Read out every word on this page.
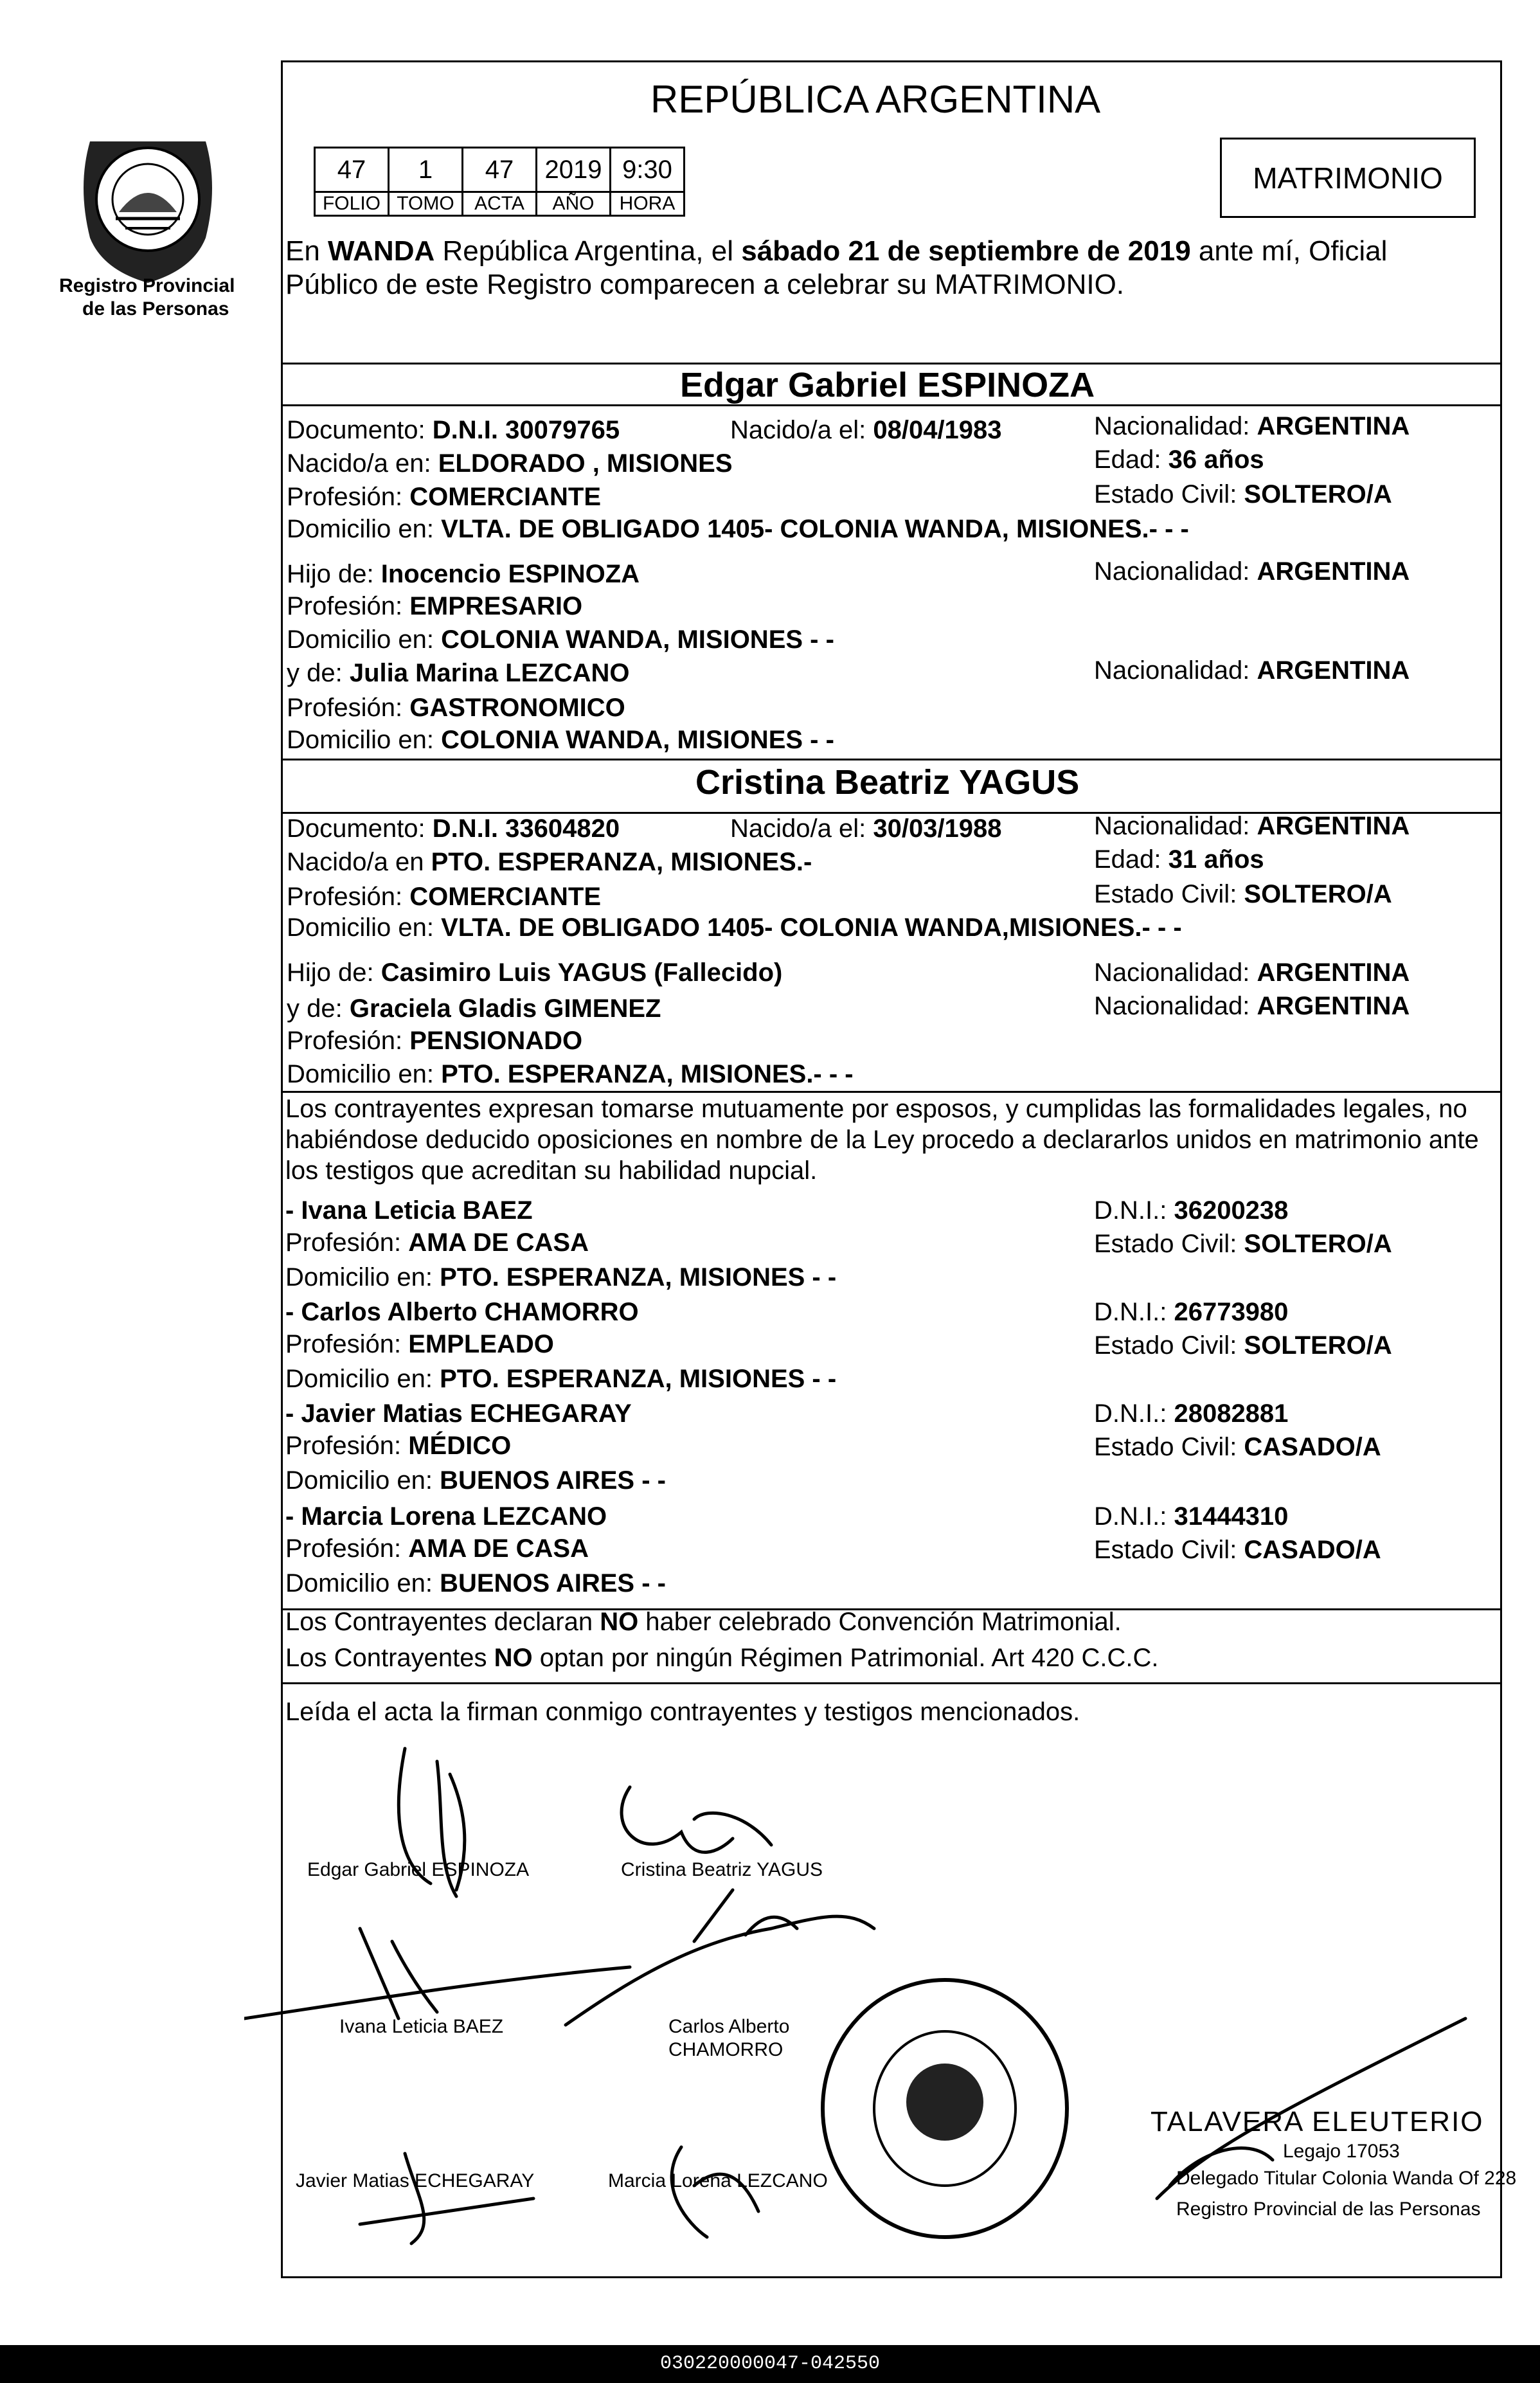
Registro Provincial
de las Personas
REPÚBLICA ARGENTINA
47	1	47	2019	9:30
FOLIO	TOMO	ACTA	AÑO	HORA
MATRIMONIO
En WANDA República Argentina, el sábado 21 de septiembre de 2019 ante mí, Oficial
Público de este Registro comparecen a celebrar su MATRIMONIO.
Edgar Gabriel ESPINOZA
Documento: D.N.I. 30079765	Nacido/a el: 08/04/1983	Nacionalidad: ARGENTINA
Nacido/a en: ELDORADO , MISIONES	Edad: 36 años
Profesión: COMERCIANTE	Estado Civil: SOLTERO/A
Domicilio en: VLTA. DE OBLIGADO 1405- COLONIA WANDA, MISIONES.- - -
Hijo de: Inocencio ESPINOZA	Nacionalidad: ARGENTINA
Profesión: EMPRESARIO
Domicilio en: COLONIA WANDA, MISIONES - -
y de: Julia Marina LEZCANO	Nacionalidad: ARGENTINA
Profesión: GASTRONOMICO
Domicilio en: COLONIA WANDA, MISIONES - -
Cristina Beatriz YAGUS
Documento: D.N.I. 33604820	Nacido/a el: 30/03/1988	Nacionalidad: ARGENTINA
Nacido/a en PTO. ESPERANZA, MISIONES.-	Edad: 31 años
Profesión: COMERCIANTE	Estado Civil: SOLTERO/A
Domicilio en: VLTA. DE OBLIGADO 1405- COLONIA WANDA,MISIONES.- - -
Hijo de: Casimiro Luis YAGUS (Fallecido)	Nacionalidad: ARGENTINA
y de: Graciela Gladis GIMENEZ	Nacionalidad: ARGENTINA
Profesión: PENSIONADO
Domicilio en: PTO. ESPERANZA, MISIONES.- - -
Los contrayentes expresan tomarse mutuamente por esposos, y cumplidas las formalidades legales, no
habiéndose deducido oposiciones en nombre de la Ley procedo a declararlos unidos en matrimonio ante
los testigos que acreditan su habilidad nupcial.
- Ivana Leticia BAEZ	D.N.I.: 36200238
Profesión: AMA DE CASA	Estado Civil: SOLTERO/A
Domicilio en: PTO. ESPERANZA, MISIONES - -
- Carlos Alberto CHAMORRO	D.N.I.: 26773980
Profesión: EMPLEADO	Estado Civil: SOLTERO/A
Domicilio en: PTO. ESPERANZA, MISIONES - -
- Javier Matias ECHEGARAY	D.N.I.: 28082881
Profesión: MÉDICO	Estado Civil: CASADO/A
Domicilio en: BUENOS AIRES - -
- Marcia Lorena LEZCANO	D.N.I.: 31444310
Profesión: AMA DE CASA	Estado Civil: CASADO/A
Domicilio en: BUENOS AIRES - -
Los Contrayentes declaran NO haber celebrado Convención Matrimonial.
Los Contrayentes NO optan por ningún Régimen Patrimonial. Art 420 C.C.C.
Leída el acta la firman conmigo contrayentes y testigos mencionados.
Edgar Gabriel ESPINOZA	Cristina Beatriz YAGUS
Ivana Leticia BAEZ	Carlos Alberto
CHAMORRO
Javier Matias ECHEGARAY	Marcia Lorena LEZCANO
TALAVERA ELEUTERIO
Legajo 17053
Delegado Titular Colonia Wanda Of 228
Registro Provincial de las Personas
030220000047-042550
